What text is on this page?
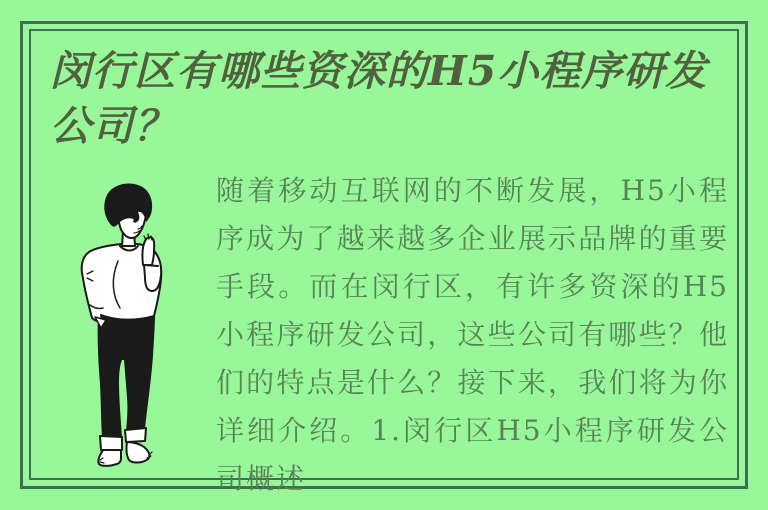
闵行区有哪些资深的H5小程序研发公司？

随着移动互联网的不断发展，H5小程序成为了越来越多企业展示品牌的重要手段。而在闵行区，有许多资深的H5小程序研发公司，这些公司有哪些？他们的特点是什么？接下来，我们将为你详细介绍。1.闵行区H5小程序研发公司概述
